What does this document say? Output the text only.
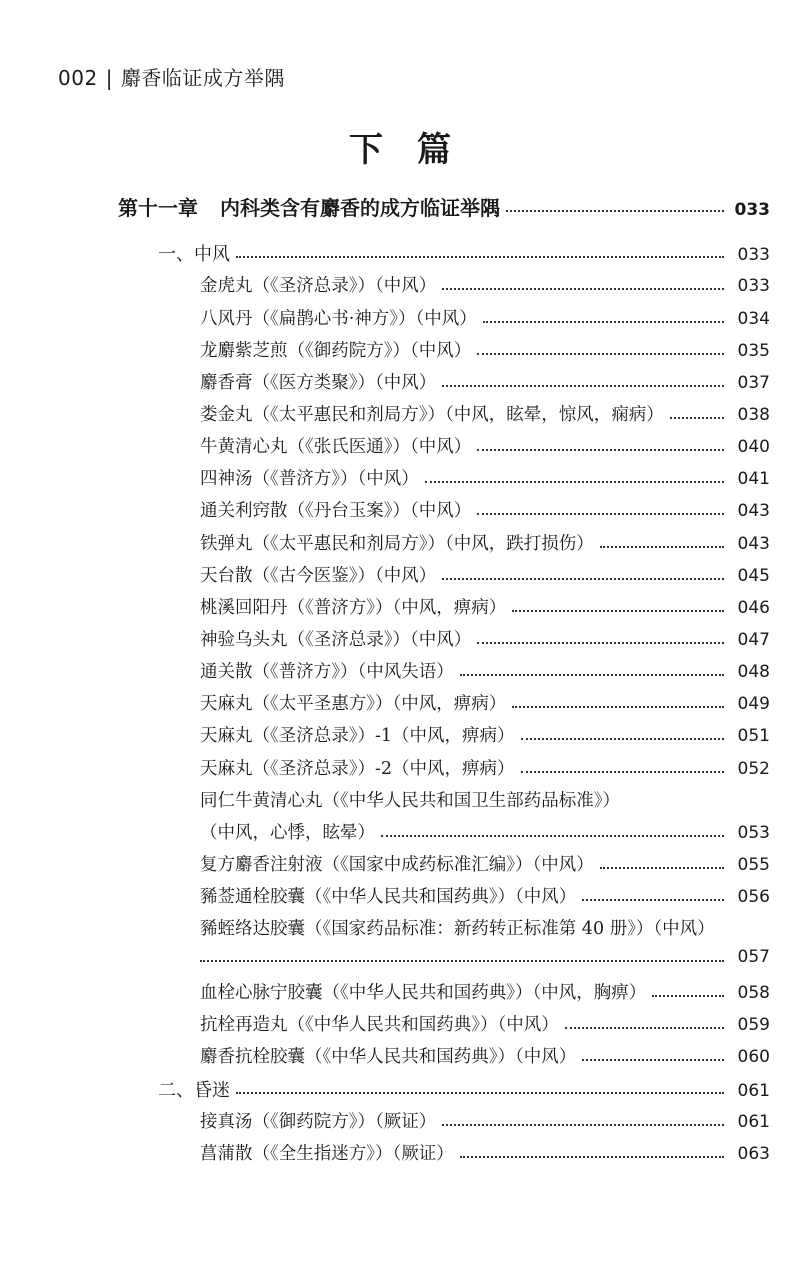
002 | 麝香临证成方举隅
下 篇
第十一章 内科类含有麝香的成方临证举隅	033
一、中风	033
金虎丸（《圣济总录》）（中风）	033
八风丹（《扁鹊心书·神方》）（中风）	034
龙麝紫芝煎（《御药院方》）（中风）	035
麝香膏（《医方类聚》）（中风）	037
娄金丸（《太平惠民和剂局方》）（中风，眩晕，惊风，痫病）	038
牛黄清心丸（《张氏医通》）（中风）	040
四神汤（《普济方》）（中风）	041
通关利窍散（《丹台玉案》）（中风）	043
铁弹丸（《太平惠民和剂局方》）（中风，跌打损伤）	043
天台散（《古今医鉴》）（中风）	045
桃溪回阳丹（《普济方》）（中风，痹病）	046
神验乌头丸（《圣济总录》）（中风）	047
通关散（《普济方》）（中风失语）	048
天麻丸（《太平圣惠方》）（中风，痹病）	049
天麻丸（《圣济总录》）-1（中风，痹病）	051
天麻丸（《圣济总录》）-2（中风，痹病）	052
同仁牛黄清心丸（《中华人民共和国卫生部药品标准》）
（中风，心悸，眩晕）	053
复方麝香注射液（《国家中成药标准汇编》）（中风）	055
豨莶通栓胶囊（《中华人民共和国药典》）（中风）	056
豨蛭络达胶囊（《国家药品标准：新药转正标准第 40 册》）（中风）
057
血栓心脉宁胶囊（《中华人民共和国药典》）（中风，胸痹）	058
抗栓再造丸（《中华人民共和国药典》）（中风）	059
麝香抗栓胶囊（《中华人民共和国药典》）（中风）	060
二、昏迷	061
接真汤（《御药院方》）（厥证）	061
菖蒲散（《全生指迷方》）（厥证）	063
